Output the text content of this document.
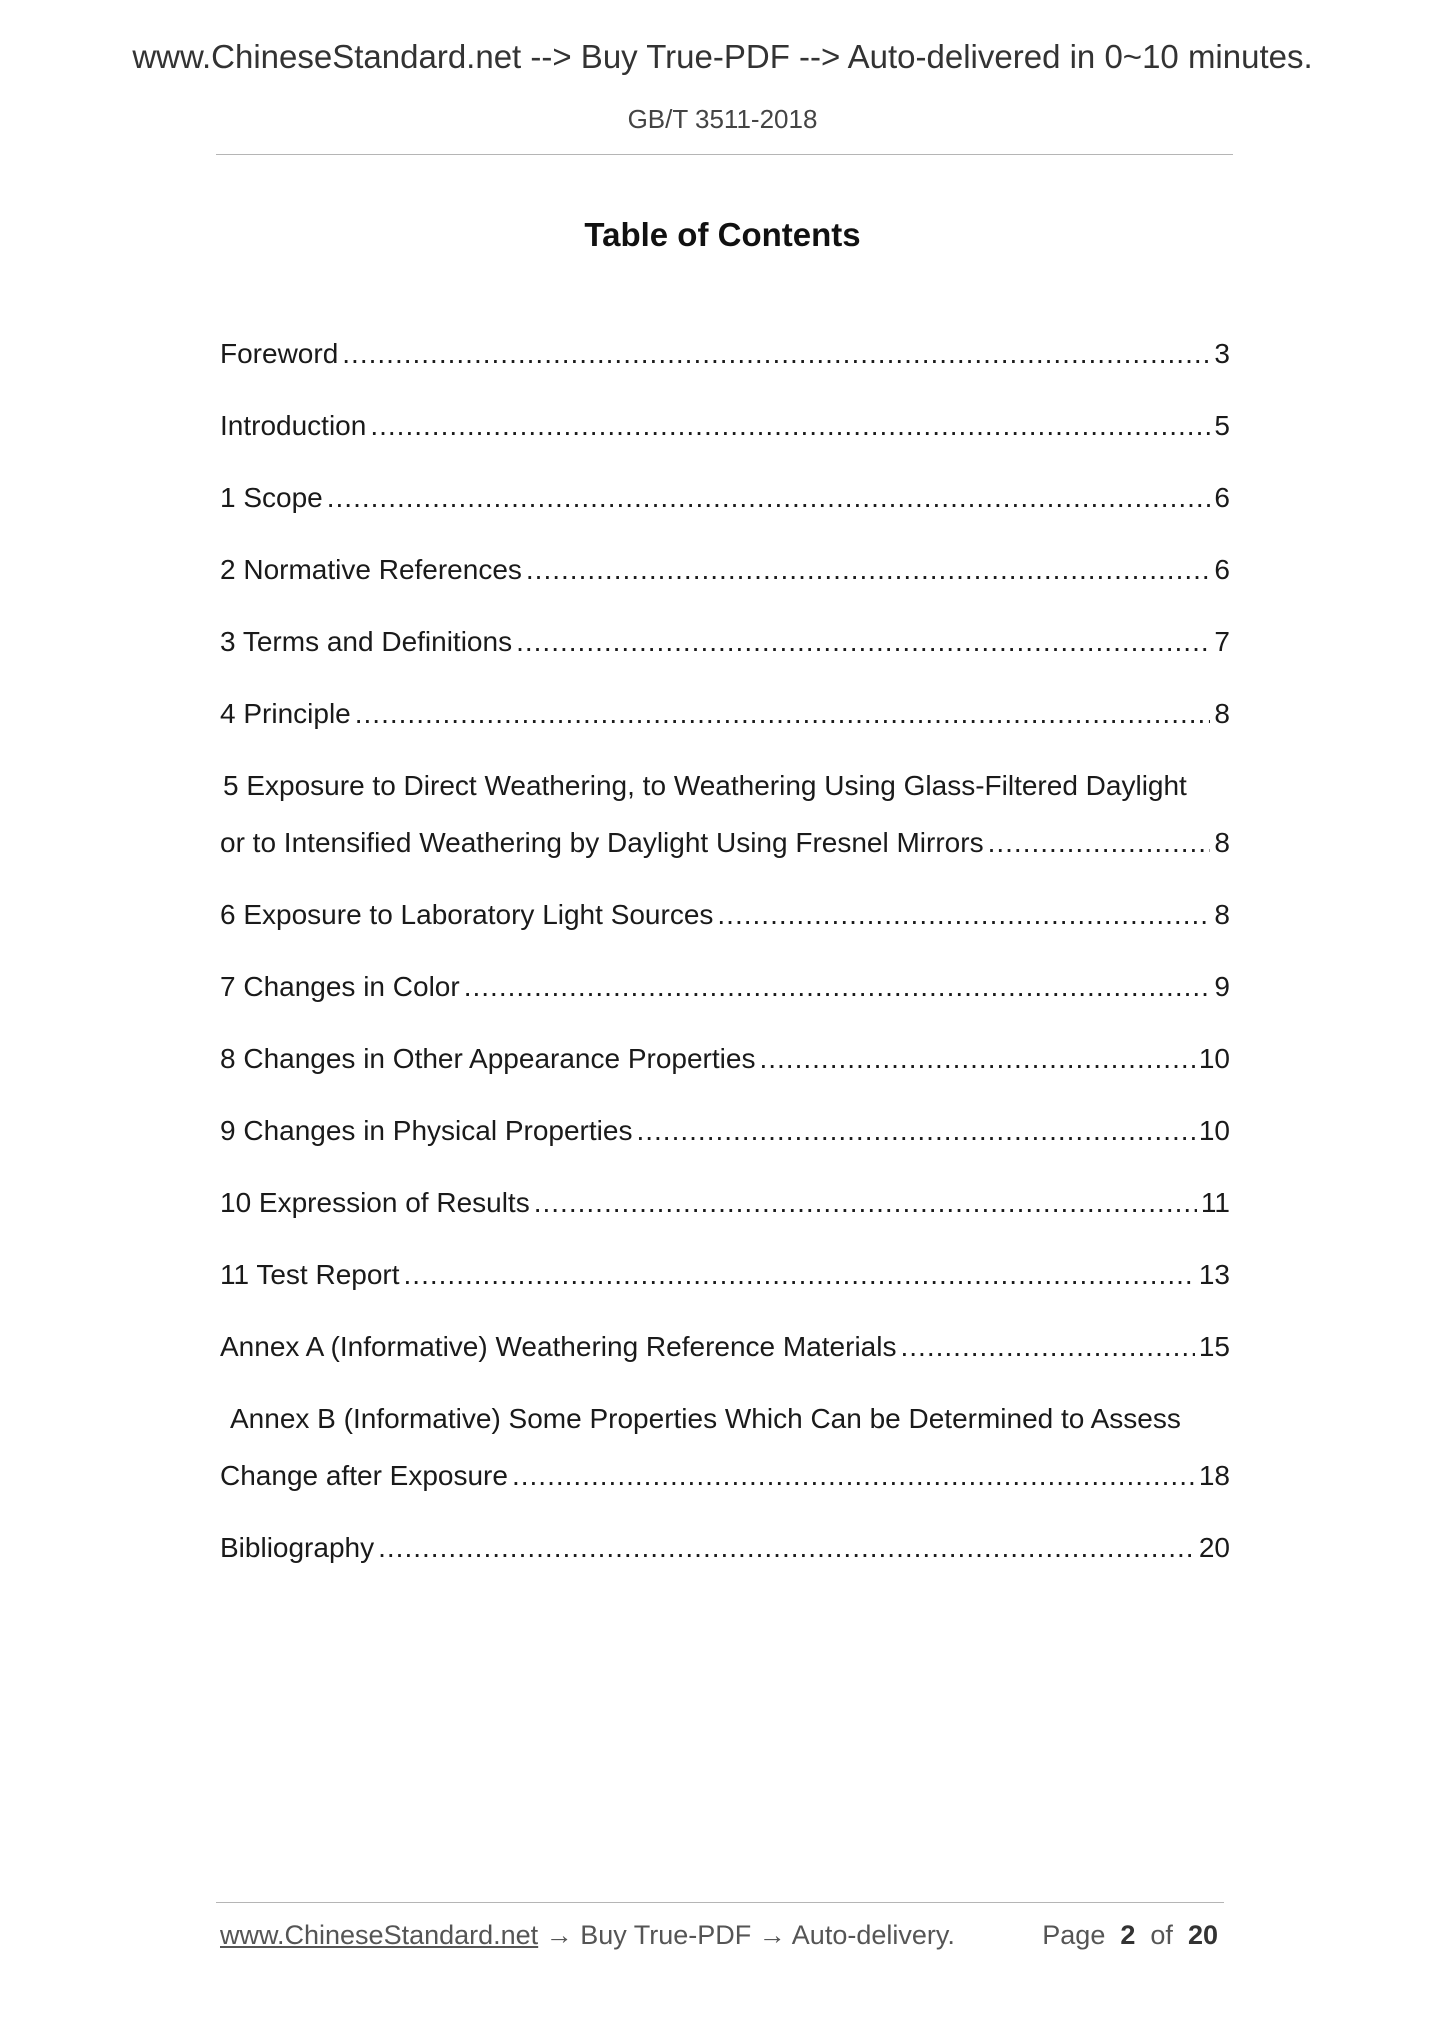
www.ChineseStandard.net --> Buy True-PDF --> Auto-delivered in 0~10 minutes.
GB/T 3511-2018
Table of Contents
Foreword .....	3
Introduction .....	5
1 Scope .....	6
2 Normative References .....	6
3 Terms and Definitions .....	7
4 Principle .....	8
5 Exposure to Direct Weathering, to Weathering Using Glass-Filtered Daylight
or to Intensified Weathering by Daylight Using Fresnel Mirrors .....	8
6 Exposure to Laboratory Light Sources .....	8
7 Changes in Color .....	9
8 Changes in Other Appearance Properties .....	10
9 Changes in Physical Properties .....	10
10 Expression of Results .....	11
11 Test Report .....	13
Annex A (Informative) Weathering Reference Materials .....	15
Annex B (Informative) Some Properties Which Can be Determined to Assess
Change after Exposure .....	18
Bibliography .....	20
www.ChineseStandard.net → Buy True-PDF → Auto-delivery.	Page 2 of 20
